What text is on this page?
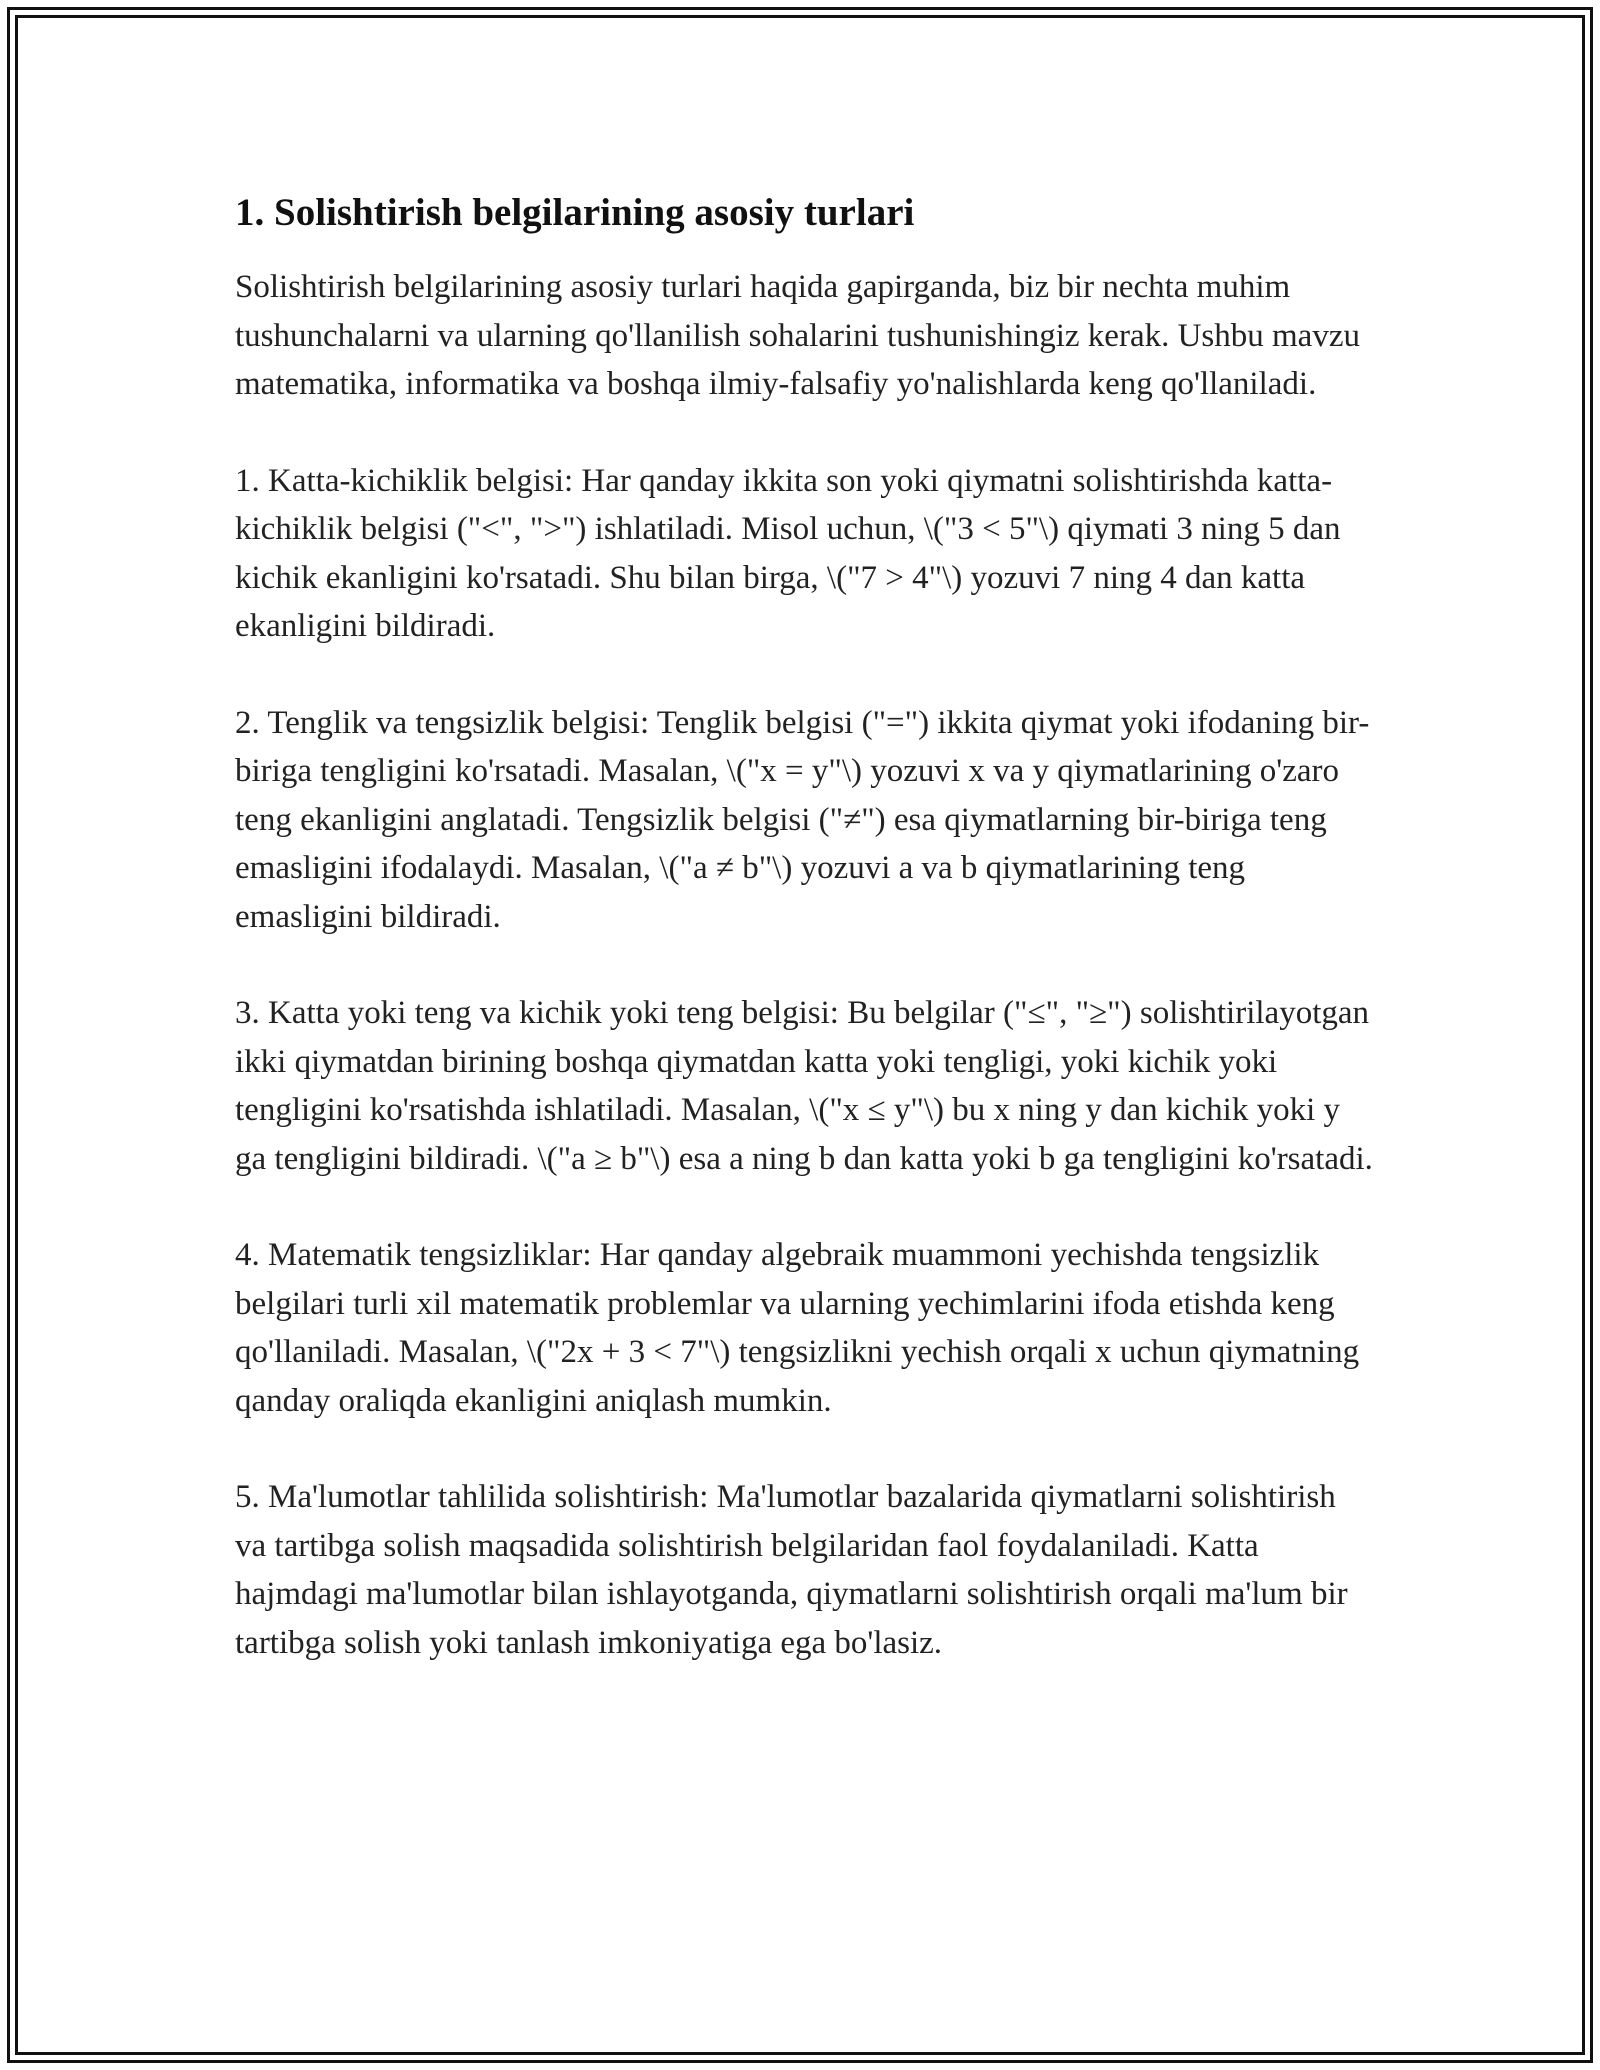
1. Solishtirish belgilarining asosiy turlari

Solishtirish belgilarining asosiy turlari haqida gapirganda, biz bir nechta muhim tushunchalarni va ularning qo'llanilish sohalarini tushunishingiz kerak. Ushbu mavzu matematika, informatika va boshqa ilmiy-falsafiy yo'nalishlarda keng qo'llaniladi.

1. Katta-kichiklik belgisi: Har qanday ikkita son yoki qiymatni solishtirishda katta-kichiklik belgisi ("<", ">") ishlatiladi. Misol uchun, \("3 < 5"\) qiymati 3 ning 5 dan kichik ekanligini ko'rsatadi. Shu bilan birga, \("7 > 4"\) yozuvi 7 ning 4 dan katta ekanligini bildiradi.

2. Tenglik va tengsizlik belgisi: Tenglik belgisi ("=") ikkita qiymat yoki ifodaning bir-biriga tengligini ko'rsatadi. Masalan, \("x = y"\) yozuvi x va y qiymatlarining o'zaro teng ekanligini anglatadi. Tengsizlik belgisi ("≠") esa qiymatlarning bir-biriga teng emasligini ifodalaydi. Masalan, \("a ≠ b"\) yozuvi a va b qiymatlarining teng emasligini bildiradi.

3. Katta yoki teng va kichik yoki teng belgisi: Bu belgilar ("≤", "≥") solishtirilayotgan ikki qiymatdan birining boshqa qiymatdan katta yoki tengligi, yoki kichik yoki tengligini ko'rsatishda ishlatiladi. Masalan, \("x ≤ y"\) bu x ning y dan kichik yoki y ga tengligini bildiradi. \("a ≥ b"\) esa a ning b dan katta yoki b ga tengligini ko'rsatadi.

4. Matematik tengsizliklar: Har qanday algebraik muammoni yechishda tengsizlik belgilari turli xil matematik problemlar va ularning yechimlarini ifoda etishda keng qo'llaniladi. Masalan, \("2x + 3 < 7"\) tengsizlikni yechish orqali x uchun qiymatning qanday oraliqda ekanligini aniqlash mumkin.

5. Ma'lumotlar tahlilida solishtirish: Ma'lumotlar bazalarida qiymatlarni solishtirish va tartibga solish maqsadida solishtirish belgilaridan faol foydalaniladi. Katta hajmdagi ma'lumotlar bilan ishlayotganda, qiymatlarni solishtirish orqali ma'lum bir tartibga solish yoki tanlash imkoniyatiga ega bo'lasiz.
